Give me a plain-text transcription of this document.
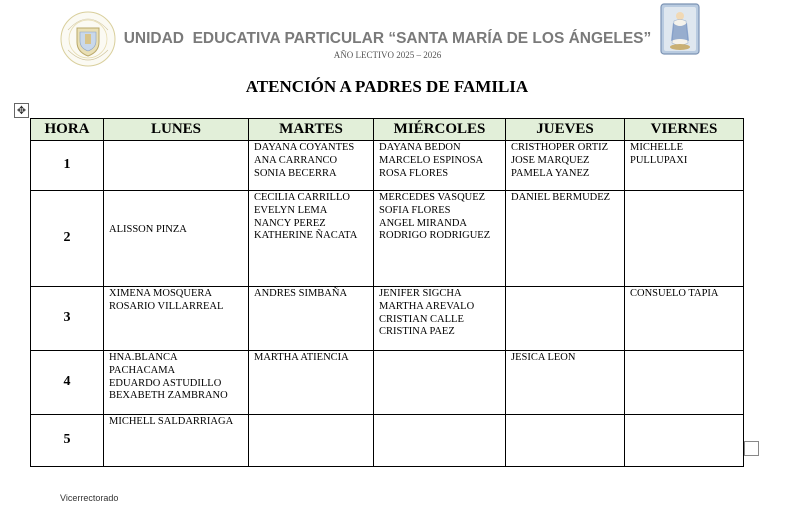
UNIDAD  EDUCATIVA PARTICULAR “SANTA MARÍA DE LOS ÁNGELES”
AÑO LECTIVO 2025 – 2026
ATENCIÓN A PADRES DE FAMILIA
✥
HORA	LUNES	MARTES	MIÉRCOLES	JUEVES	VIERNES
1		DAYANA COYANTES
ANA CARRANCO
SONIA BECERRA	DAYANA BEDON
MARCELO ESPINOSA
ROSA FLORES	CRISTHOPER ORTIZ
JOSE MARQUEZ
PAMELA YANEZ	MICHELLE
PULLUPAXI
2	ALISSON PINZA	CECILIA CARRILLO
EVELYN LEMA
NANCY PEREZ
KATHERINE ÑACATA	MERCEDES VASQUEZ
SOFIA FLORES
ANGEL MIRANDA
RODRIGO RODRIGUEZ	DANIEL BERMUDEZ	
3	XIMENA MOSQUERA
ROSARIO VILLARREAL	ANDRES SIMBAÑA	JENIFER SIGCHA
MARTHA AREVALO
CRISTIAN CALLE
CRISTINA PAEZ		CONSUELO TAPIA
4	HNA.BLANCA
PACHACAMA
EDUARDO ASTUDILLO
BEXABETH ZAMBRANO	MARTHA ATIENCIA		JESICA LEON	
5	MICHELL SALDARRIAGA				
Vicerrectorado
